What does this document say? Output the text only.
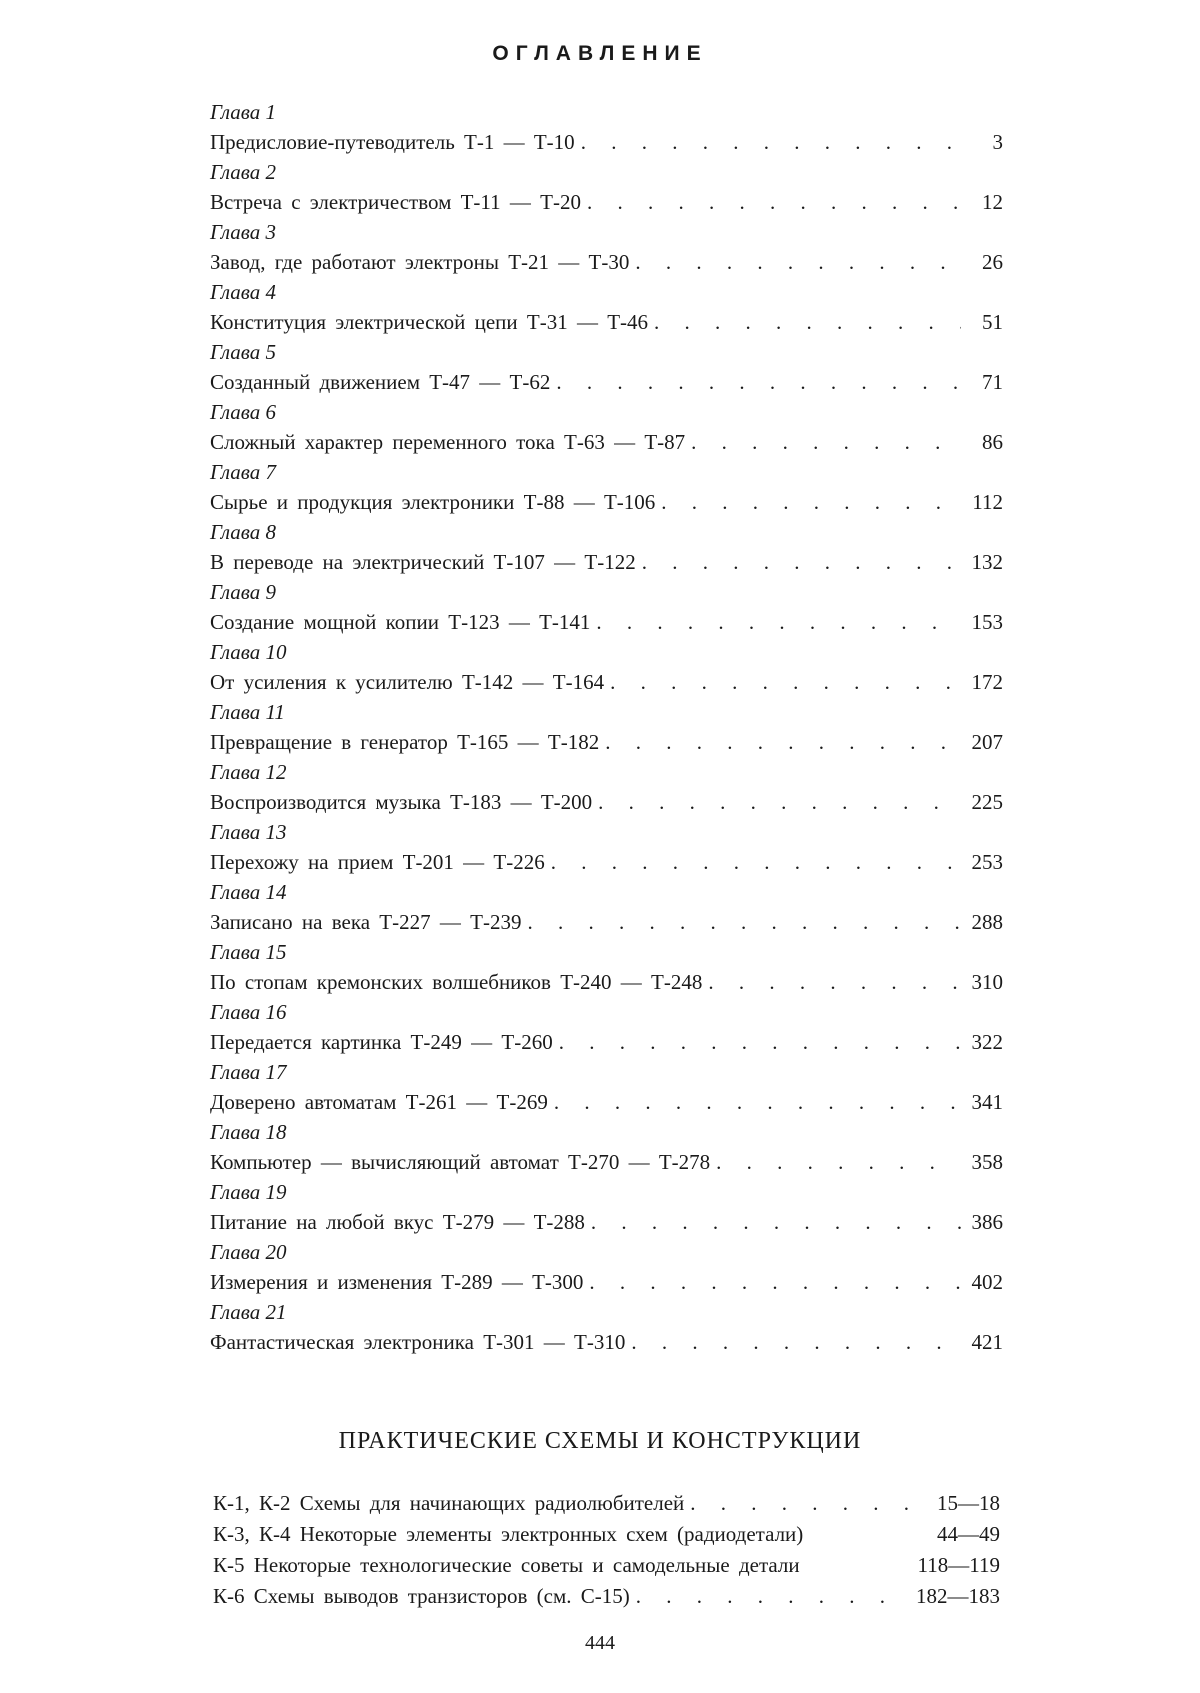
ОГЛАВЛЕНИЕ
Глава 1
Предисловие-путеводитель Т-1 — Т-10 . . .	3
Глава 2
Встреча с электричеством Т-11 — Т-20 . . .	12
Глава 3
Завод, где работают электроны Т-21 — Т-30 . . .	26
Глава 4
Конституция электрической цепи Т-31 — Т-46 . . .	51
Глава 5
Созданный движением Т-47 — Т-62 . . .	71
Глава 6
Сложный характер переменного тока Т-63 — Т-87 . . .	86
Глава 7
Сырье и продукция электроники Т-88 — Т-106 . . .	112
Глава 8
В переводе на электрический Т-107 — Т-122 . . .	132
Глава 9
Создание мощной копии Т-123 — Т-141 . . .	153
Глава 10
От усиления к усилителю Т-142 — Т-164 . . .	172
Глава 11
Превращение в генератор Т-165 — Т-182 . . .	207
Глава 12
Воспроизводится музыка Т-183 — Т-200 . . .	225
Глава 13
Перехожу на прием Т-201 — Т-226 . . .	253
Глава 14
Записано на века Т-227 — Т-239 . . .	288
Глава 15
По стопам кремонских волшебников Т-240 — Т-248 . . .	310
Глава 16
Передается картинка Т-249 — Т-260 . . .	322
Глава 17
Доверено автоматам Т-261 — Т-269 . . .	341
Глава 18
Компьютер — вычисляющий автомат Т-270 — Т-278 . . .	358
Глава 19
Питание на любой вкус Т-279 — Т-288 . . .	386
Глава 20
Измерения и изменения Т-289 — Т-300 . . .	402
Глава 21
Фантастическая электроника Т-301 — Т-310 . . .	421
ПРАКТИЧЕСКИЕ СХЕМЫ И КОНСТРУКЦИИ
К-1, К-2 Схемы для начинающих радиолюбителей . . .	15—18
К-3, К-4 Некоторые элементы электронных схем (радиодетали)	44—49
К-5 Некоторые технологические советы и самодельные детали	118—119
К-6 Схемы выводов транзисторов (см. С-15) . . .	182—183
444
